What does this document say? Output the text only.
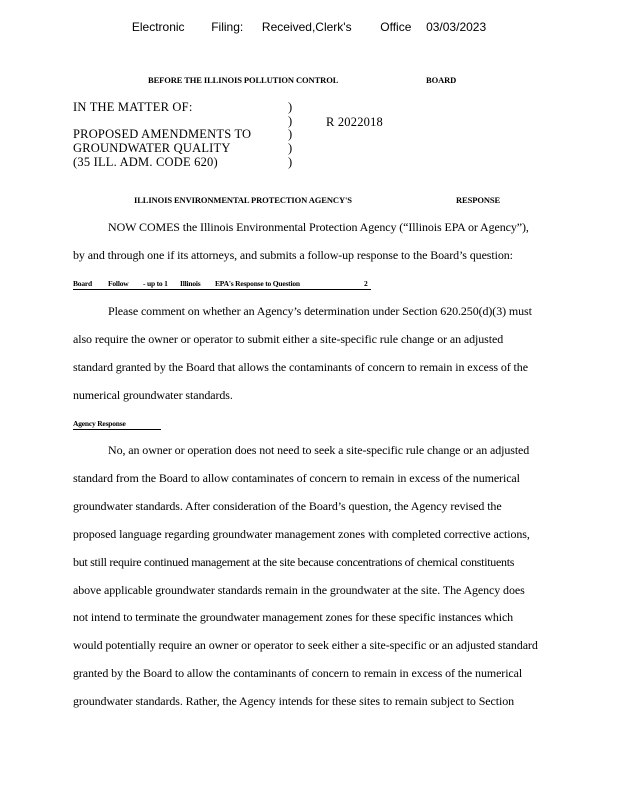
Electronic Filing: Received,Clerk's Office 03/03/2023
BEFORE THE ILLINOIS POLLUTION CONTROL	BOARD
IN THE MATTER OF:
PROPOSED AMENDMENTS TO
GROUNDWATER QUALITY
(35 ILL. ADM. CODE 620)
)
)
)
)
)
R 2022018
ILLINOIS ENVIRONMENTAL PROTECTION AGENCY'S	RESPONSE
NOW COMES the Illinois Environmental Protection Agency (“Illinois EPA or Agency”),
by and through one if its attorneys, and submits a follow-up response to the Board’s question:
Board Follow - up to 1 Illinois EPA's Response to Question	2
Please comment on whether an Agency’s determination under Section 620.250(d)(3) must
also require the owner or operator to submit either a site-specific rule change or an adjusted
standard granted by the Board that allows the contaminants of concern to remain in excess of the
numerical groundwater standards.
Agency Response
No, an owner or operation does not need to seek a site-specific rule change or an adjusted
standard from the Board to allow contaminates of concern to remain in excess of the numerical
groundwater standards. After consideration of the Board’s question, the Agency revised the
proposed language regarding groundwater management zones with completed corrective actions,
but still require continued management at the site because concentrations of chemical constituents
above applicable groundwater standards remain in the groundwater at the site. The Agency does
not intend to terminate the groundwater management zones for these specific instances which
would potentially require an owner or operator to seek either a site-specific or an adjusted standard
granted by the Board to allow the contaminants of concern to remain in excess of the numerical
groundwater standards. Rather, the Agency intends for these sites to remain subject to Section
